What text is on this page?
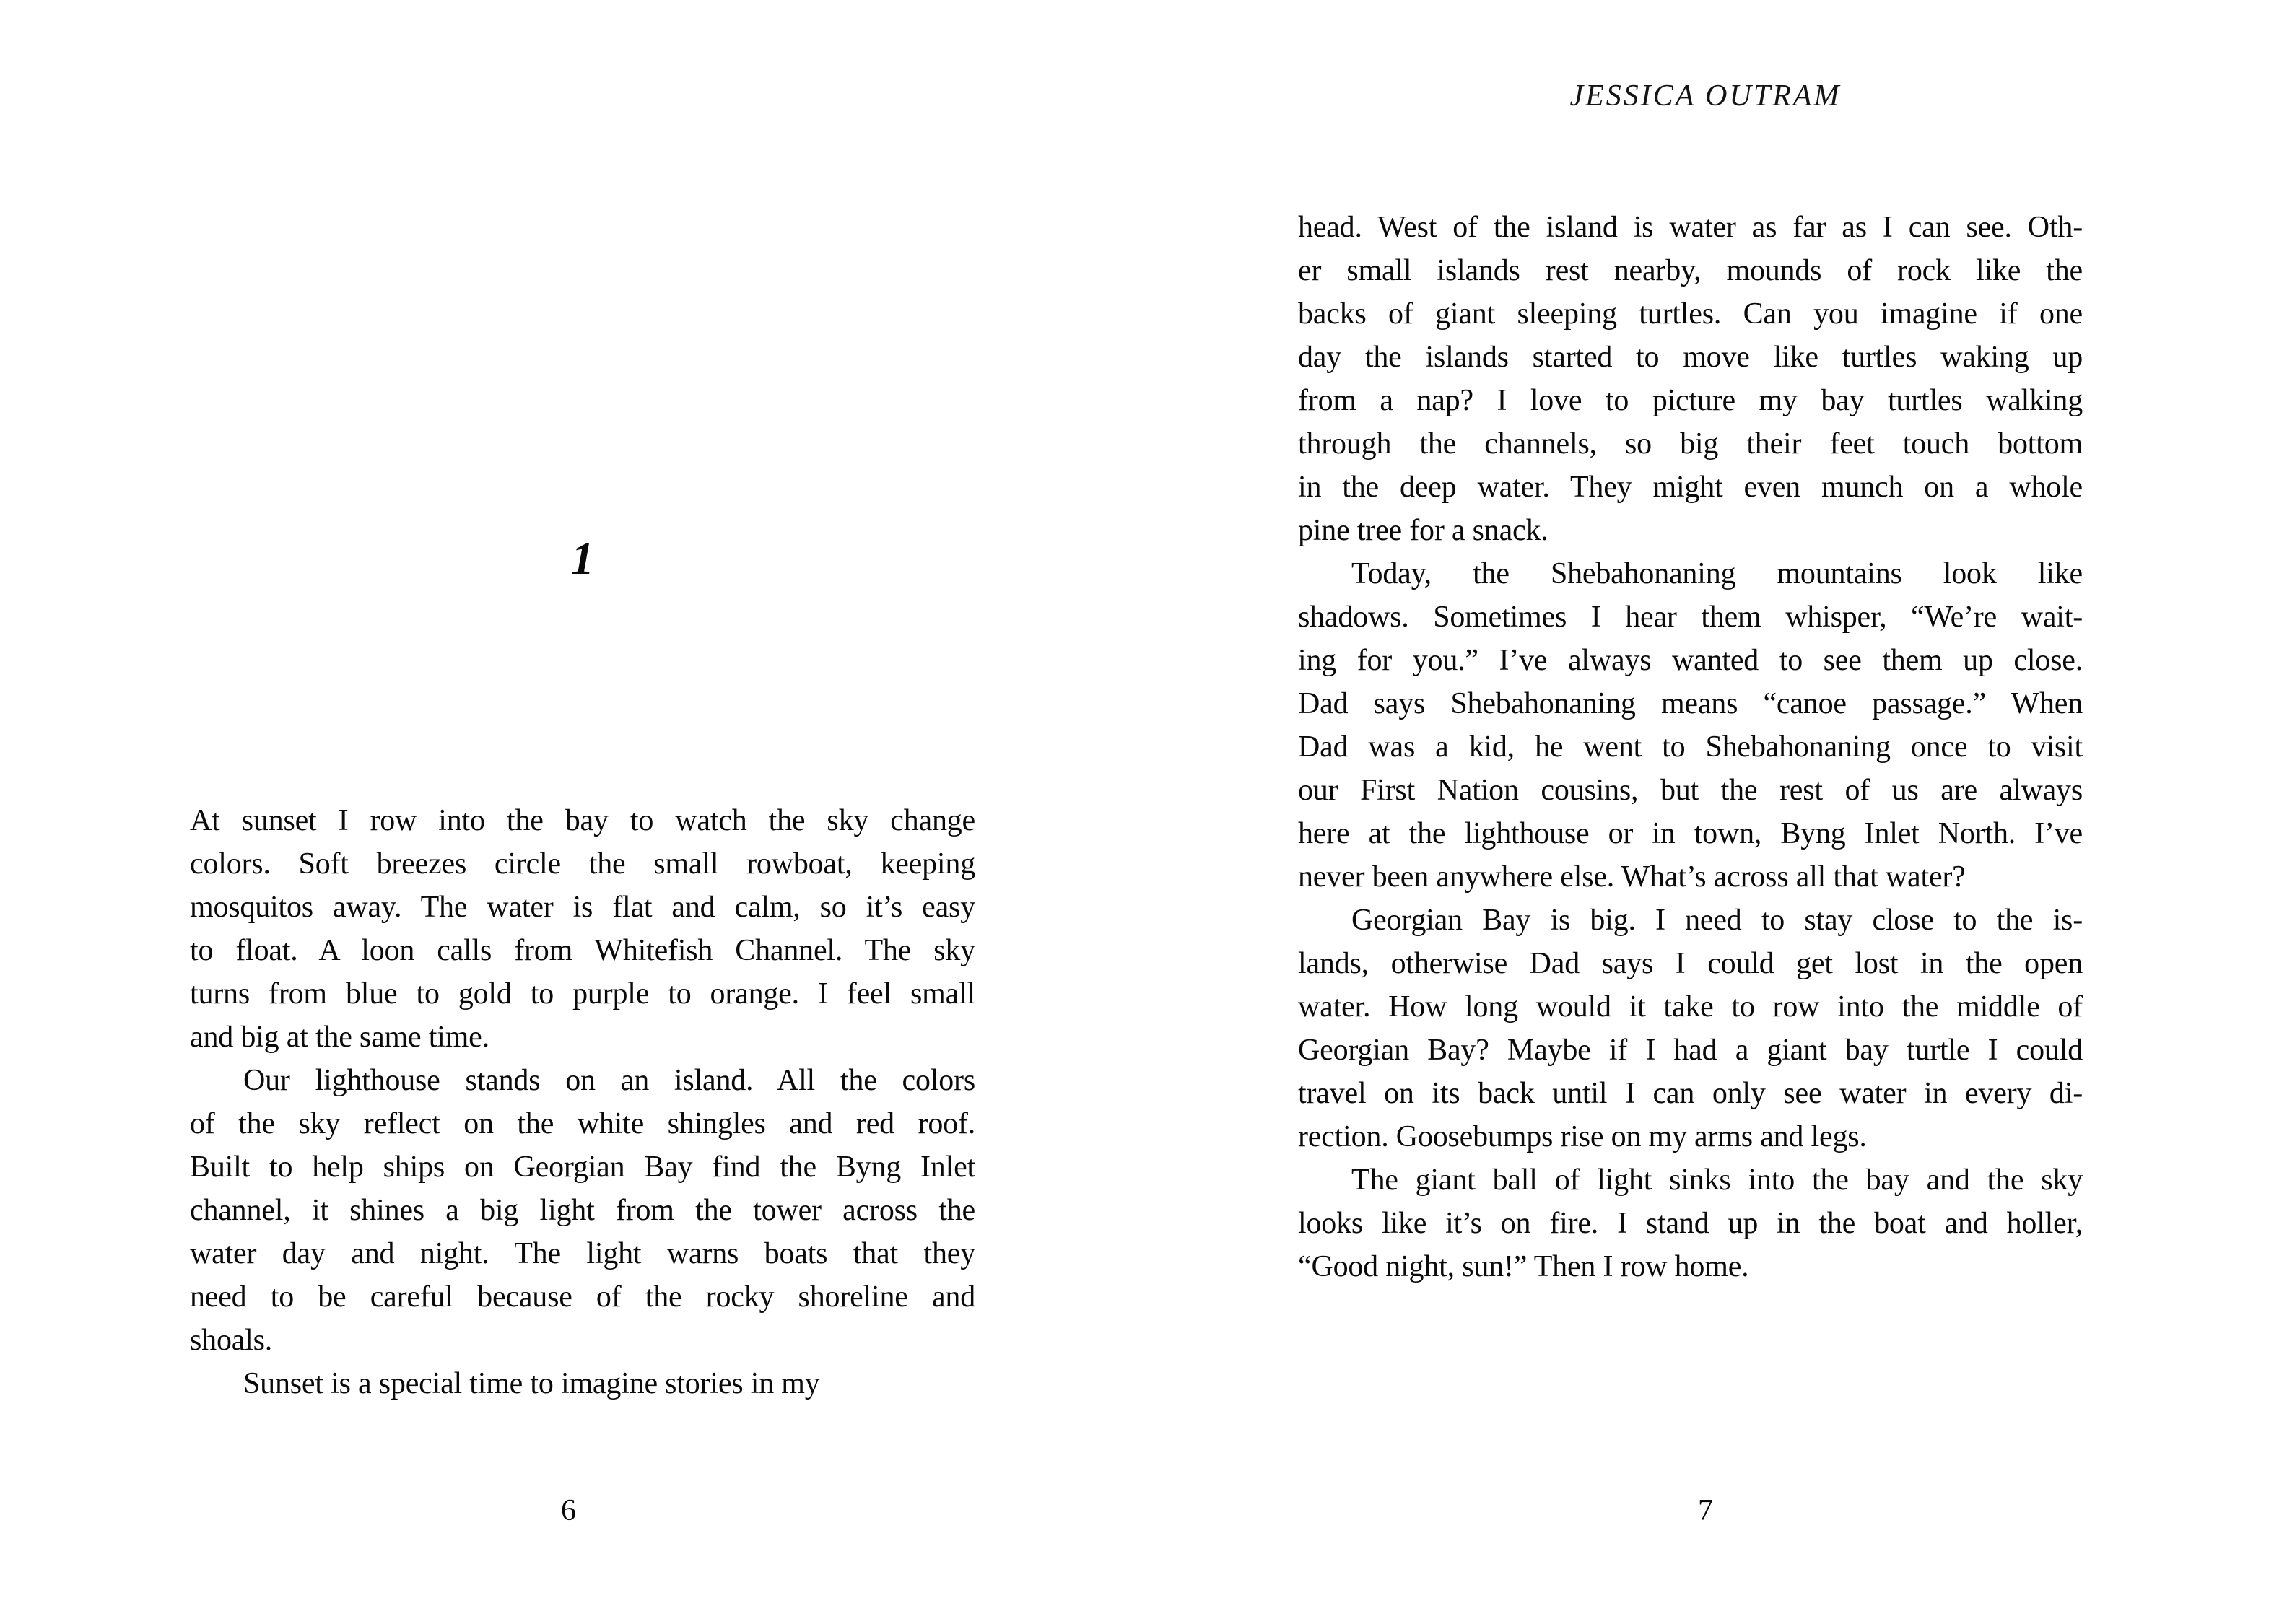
1
At sunset I row into the bay to watch the sky change
colors. Soft breezes circle the small rowboat, keeping
mosquitos away. The water is flat and calm, so it’s easy
to float. A loon calls from Whitefish Channel. The sky
turns from blue to gold to purple to orange. I feel small
and big at the same time.
Our lighthouse stands on an island. All the colors
of the sky reflect on the white shingles and red roof.
Built to help ships on Georgian Bay find the Byng Inlet
channel, it shines a big light from the tower across the
water day and night. The light warns boats that they
need to be careful because of the rocky shoreline and
shoals.
Sunset is a special time to imagine stories in my
6
JESSICA OUTRAM
head. West of the island is water as far as I can see. Oth-
er small islands rest nearby, mounds of rock like the
backs of giant sleeping turtles. Can you imagine if one
day the islands started to move like turtles waking up
from a nap? I love to picture my bay turtles walking
through the channels, so big their feet touch bottom
in the deep water. They might even munch on a whole
pine tree for a snack.
Today, the Shebahonaning mountains look like
shadows. Sometimes I hear them whisper, “We’re wait-
ing for you.” I’ve always wanted to see them up close.
Dad says Shebahonaning means “canoe passage.” When
Dad was a kid, he went to Shebahonaning once to visit
our First Nation cousins, but the rest of us are always
here at the lighthouse or in town, Byng Inlet North. I’ve
never been anywhere else. What’s across all that water?
Georgian Bay is big. I need to stay close to the is-
lands, otherwise Dad says I could get lost in the open
water. How long would it take to row into the middle of
Georgian Bay? Maybe if I had a giant bay turtle I could
travel on its back until I can only see water in every di-
rection. Goosebumps rise on my arms and legs.
The giant ball of light sinks into the bay and the sky
looks like it’s on fire. I stand up in the boat and holler,
“Good night, sun!” Then I row home.
7
